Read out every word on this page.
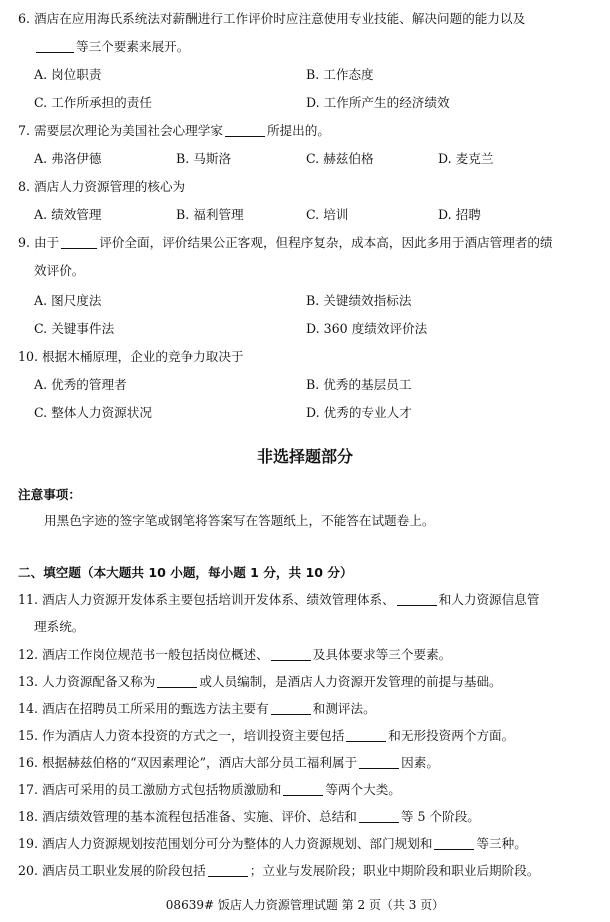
6. 酒店在应用海氏系统法对薪酬进行工作评价时应注意使用专业技能、解决问题的能力以及
等三个要素来展开。
A. 岗位职责	B. 工作态度
C. 工作所承担的责任	D. 工作所产生的经济绩效
7. 需要层次理论为美国社会心理学家	所提出的。
A. 弗洛伊德	B. 马斯洛	C. 赫兹伯格	D. 麦克兰
8. 酒店人力资源管理的核心为
A. 绩效管理	B. 福利管理	C. 培训	D. 招聘
9. 由于	评价全面，评价结果公正客观，但程序复杂，成本高，因此多用于酒店管理者的绩
效评价。
A. 图尺度法	B. 关键绩效指标法
C. 关键事件法	D. 360 度绩效评价法
10. 根据木桶原理，企业的竞争力取决于
A. 优秀的管理者	B. 优秀的基层员工
C. 整体人力资源状况	D. 优秀的专业人才
非选择题部分
注意事项：
用黑色字迹的签字笔或钢笔将答案写在答题纸上，不能答在试题卷上。
二、填空题（本大题共 10 小题，每小题 1 分，共 10 分）
11. 酒店人力资源开发体系主要包括培训开发体系、绩效管理体系、	和人力资源信息管
理系统。
12. 酒店工作岗位规范书一般包括岗位概述、	及具体要求等三个要素。
13. 人力资源配备又称为	或人员编制，是酒店人力资源开发管理的前提与基础。
14. 酒店在招聘员工所采用的甄选方法主要有	和测评法。
15. 作为酒店人力资本投资的方式之一，培训投资主要包括	和无形投资两个方面。
16. 根据赫兹伯格的“双因素理论”，酒店大部分员工福利属于	因素。
17. 酒店可采用的员工激励方式包括物质激励和	等两个大类。
18. 酒店绩效管理的基本流程包括准备、实施、评价、总结和	等 5 个阶段。
19. 酒店人力资源规划按范围划分可分为整体的人力资源规划、部门规划和	等三种。
20. 酒店员工职业发展的阶段包括	；立业与发展阶段；职业中期阶段和职业后期阶段。
08639# 饭店人力资源管理试题 第 2 页（共 3 页）
